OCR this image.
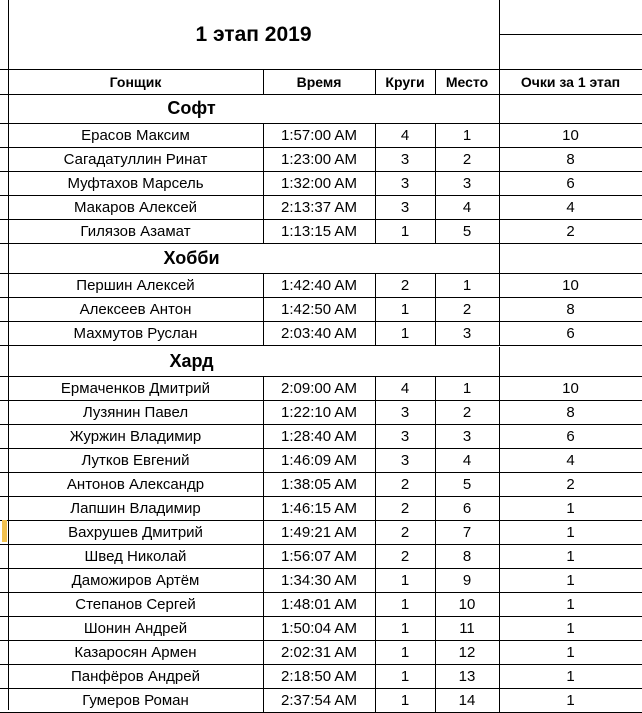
1 этап 2019
Гонщик	Время	Круги	Место	Очки за 1 этап
Софт
Ерасов Максим	1:57:00 AM	4	1	10
Сагадатуллин Ринат	1:23:00 AM	3	2	8
Муфтахов Марсель	1:32:00 AM	3	3	6
Макаров Алексей	2:13:37 AM	3	4	4
Гилязов Азамат	1:13:15 AM	1	5	2
Хобби
Першин Алексей	1:42:40 AM	2	1	10
Алексеев Антон	1:42:50 AM	1	2	8
Махмутов Руслан	2:03:40 AM	1	3	6
Хард
Ермаченков Дмитрий	2:09:00 AM	4	1	10
Лузянин Павел	1:22:10 AM	3	2	8
Журжин Владимир	1:28:40 AM	3	3	6
Лутков Евгений	1:46:09 AM	3	4	4
Антонов Александр	1:38:05 AM	2	5	2
Лапшин Владимир	1:46:15 AM	2	6	1
Вахрушев Дмитрий	1:49:21 AM	2	7	1
Швед Николай	1:56:07 AM	2	8	1
Даможиров Артём	1:34:30 AM	1	9	1
Степанов Сергей	1:48:01 AM	1	10	1
Шонин Андрей	1:50:04 AM	1	11	1
Казаросян Армен	2:02:31 AM	1	12	1
Панфёров Андрей	2:18:50 AM	1	13	1
Гумеров Роман	2:37:54 AM	1	14	1
